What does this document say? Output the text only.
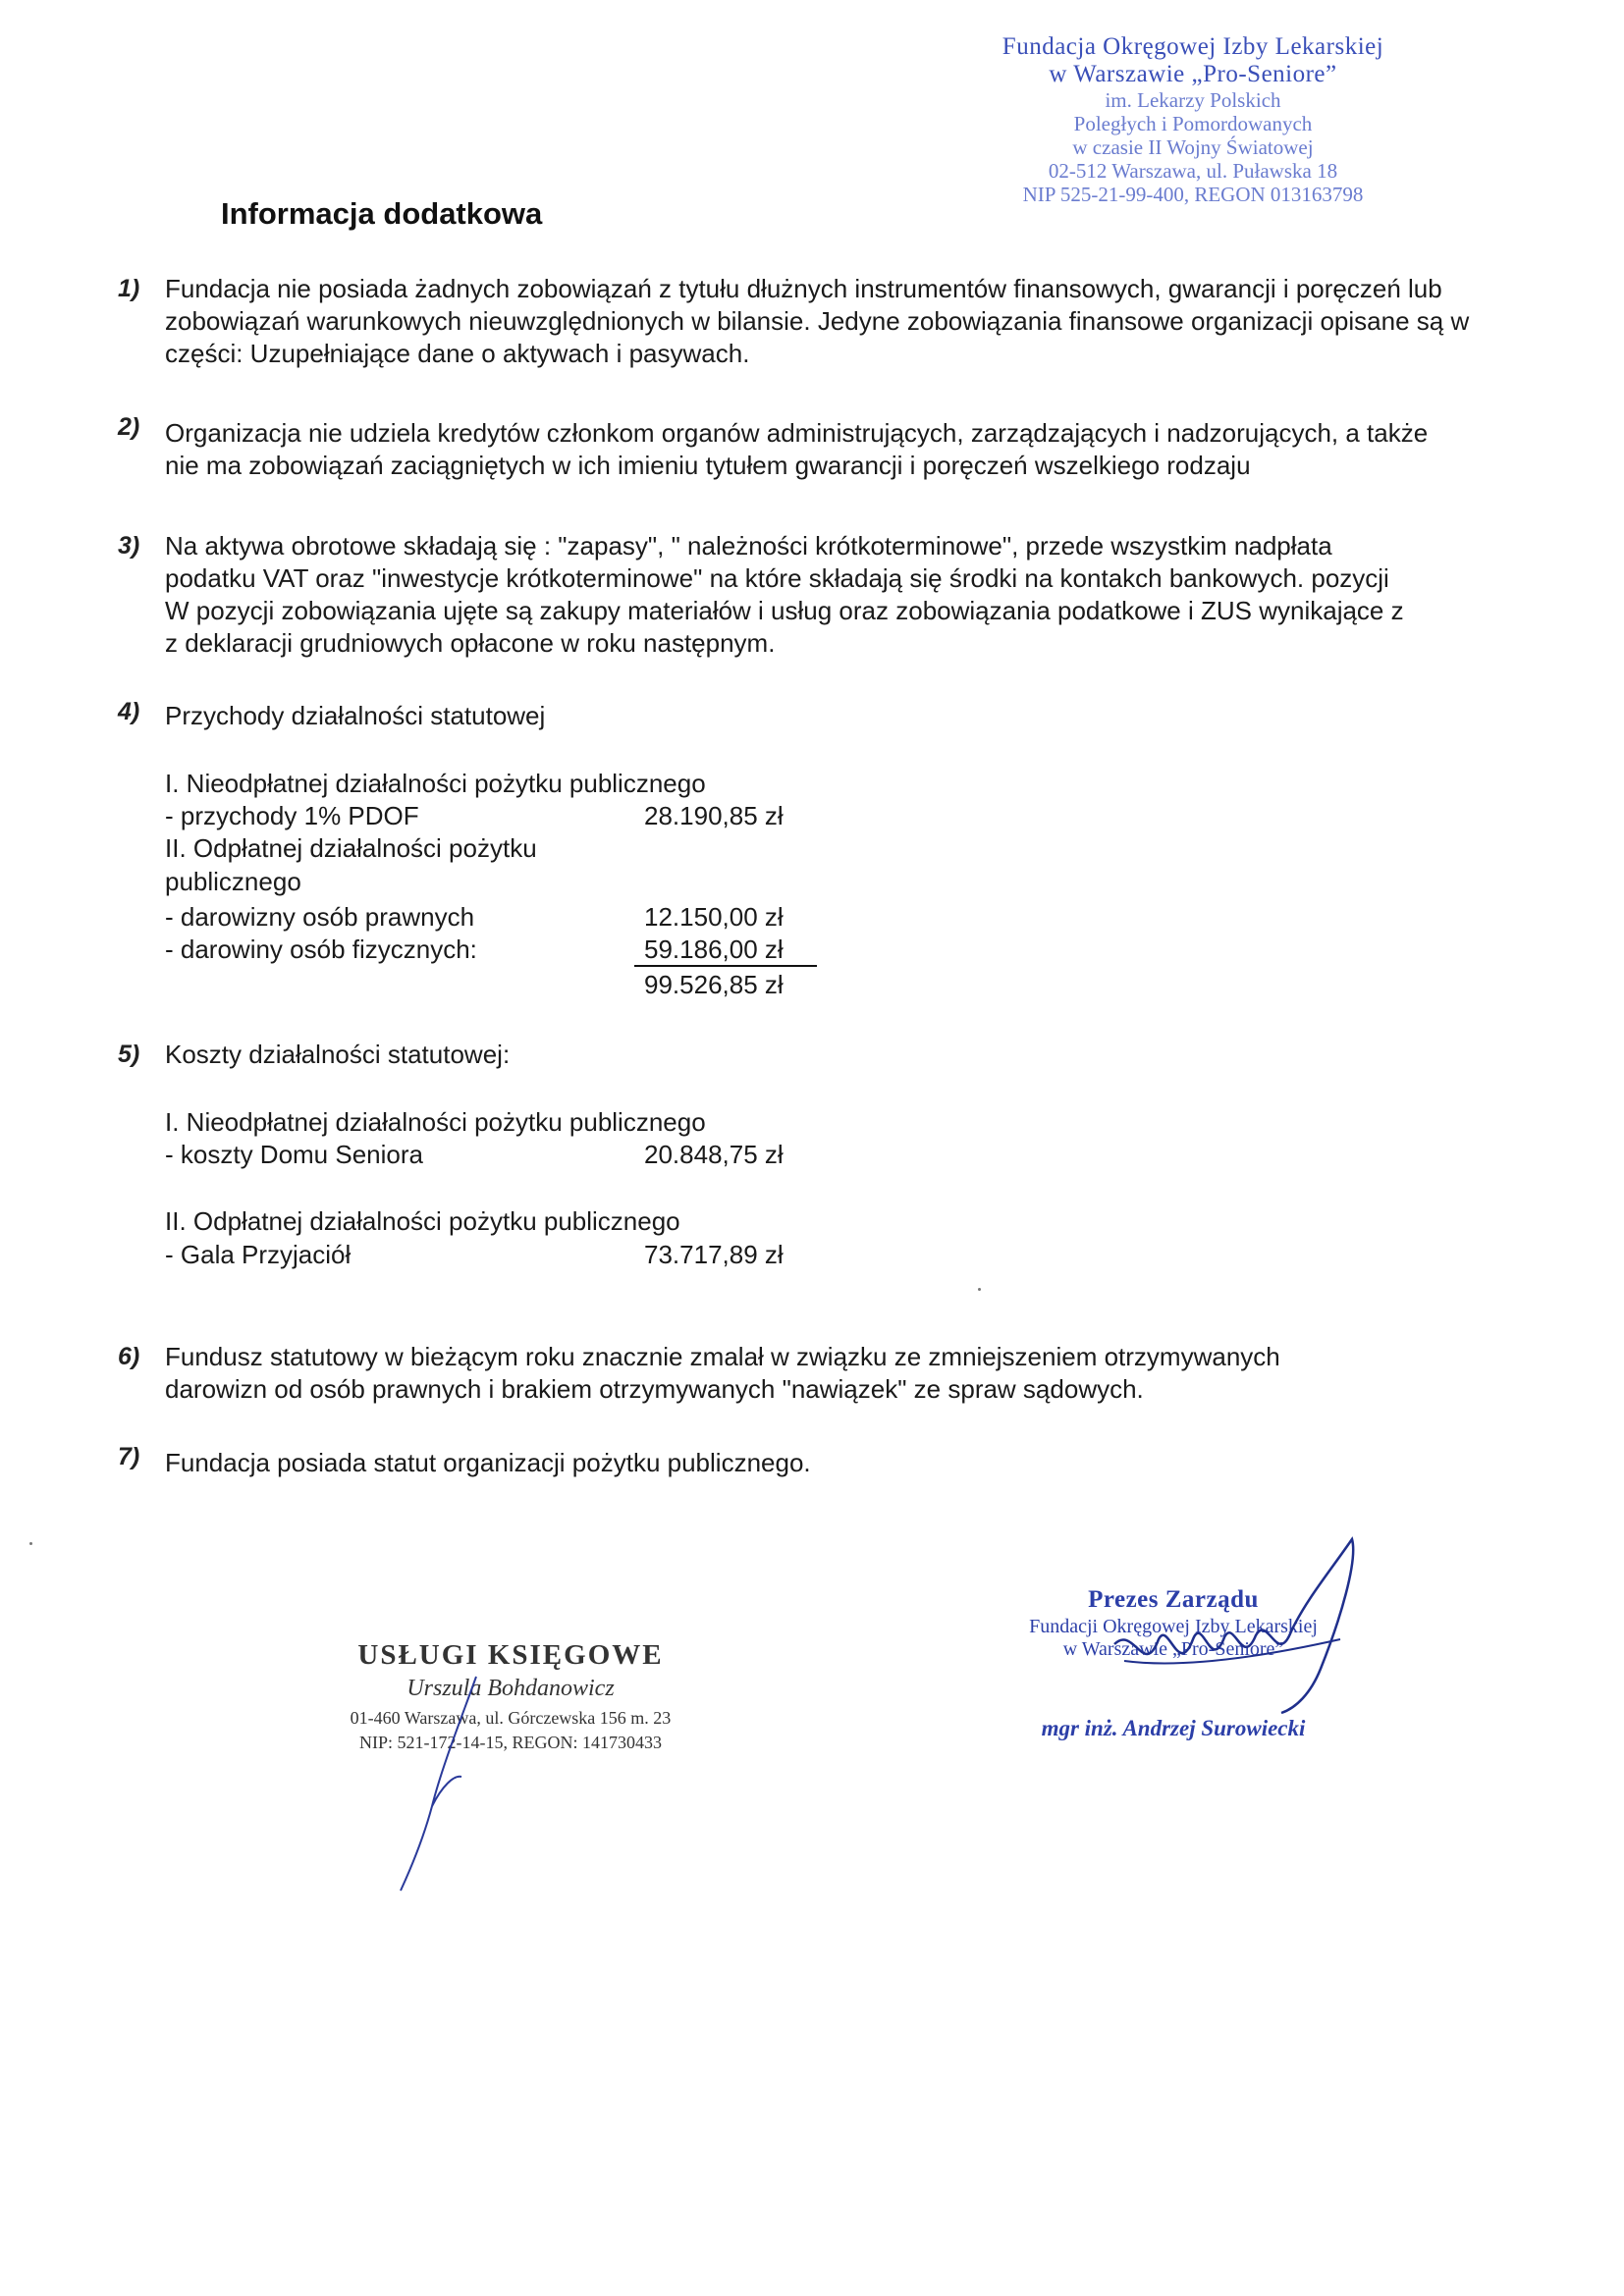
Fundacja Okręgowej Izby Lekarskiej
w Warszawie „Pro-Seniore”
im. Lekarzy Polskich
Poległych i Pomordowanych
w czasie II Wojny Światowej
02-512 Warszawa, ul. Puławska 18
NIP 525-21-99-400, REGON 013163798
Informacja dodatkowa
1) Fundacja nie posiada żadnych zobowiązań z tytułu dłużnych instrumentów finansowych, gwarancji i poręczeń lub
zobowiązań warunkowych nieuwzględnionych w bilansie. Jedyne zobowiązania finansowe organizacji opisane są w
części: Uzupełniające dane o aktywach i pasywach.
2) Organizacja nie udziela kredytów członkom organów administrujących, zarządzających i nadzorujących, a także
nie ma zobowiązań zaciągniętych w ich imieniu tytułem gwarancji i poręczeń wszelkiego rodzaju
3) Na aktywa obrotowe składają się : "zapasy", " należności krótkoterminowe", przede wszystkim nadpłata
podatku VAT oraz "inwestycje krótkoterminowe" na które składają się środki na kontakch bankowych. pozycji
W pozycji zobowiązania ujęte są zakupy materiałów i usług oraz zobowiązania podatkowe i ZUS wynikające z
z deklaracji grudniowych opłacone w roku następnym.
4) Przychody działalności statutowej
I. Nieodpłatnej działalności pożytku publicznego
- przychody 1% PDOF	28.190,85 zł
II. Odpłatnej działalności pożytku
publicznego
- darowizny osób prawnych	12.150,00 zł
- darowiny osób fizycznych:	59.186,00 zł
99.526,85 zł
5) Koszty działalności statutowej:
I. Nieodpłatnej działalności pożytku publicznego
- koszty Domu Seniora	20.848,75 zł
II. Odpłatnej działalności pożytku publicznego
- Gala Przyjaciół	73.717,89 zł
6) Fundusz statutowy w bieżącym roku znacznie zmalał w związku ze zmniejszeniem otrzymywanych
darowizn od osób prawnych i brakiem otrzymywanych "nawiązek" ze spraw sądowych.
7) Fundacja posiada statut organizacji pożytku publicznego.
USŁUGI KSIĘGOWE
Urszula Bohdanowicz
01-460 Warszawa, ul. Górczewska 156 m. 23
NIP: 521-172-14-15, REGON: 141730433
Prezes Zarządu
Fundacji Okręgowej Izby Lekarskiej
w Warszawie „Pro-Seniore”
mgr inż. Andrzej Surowiecki
